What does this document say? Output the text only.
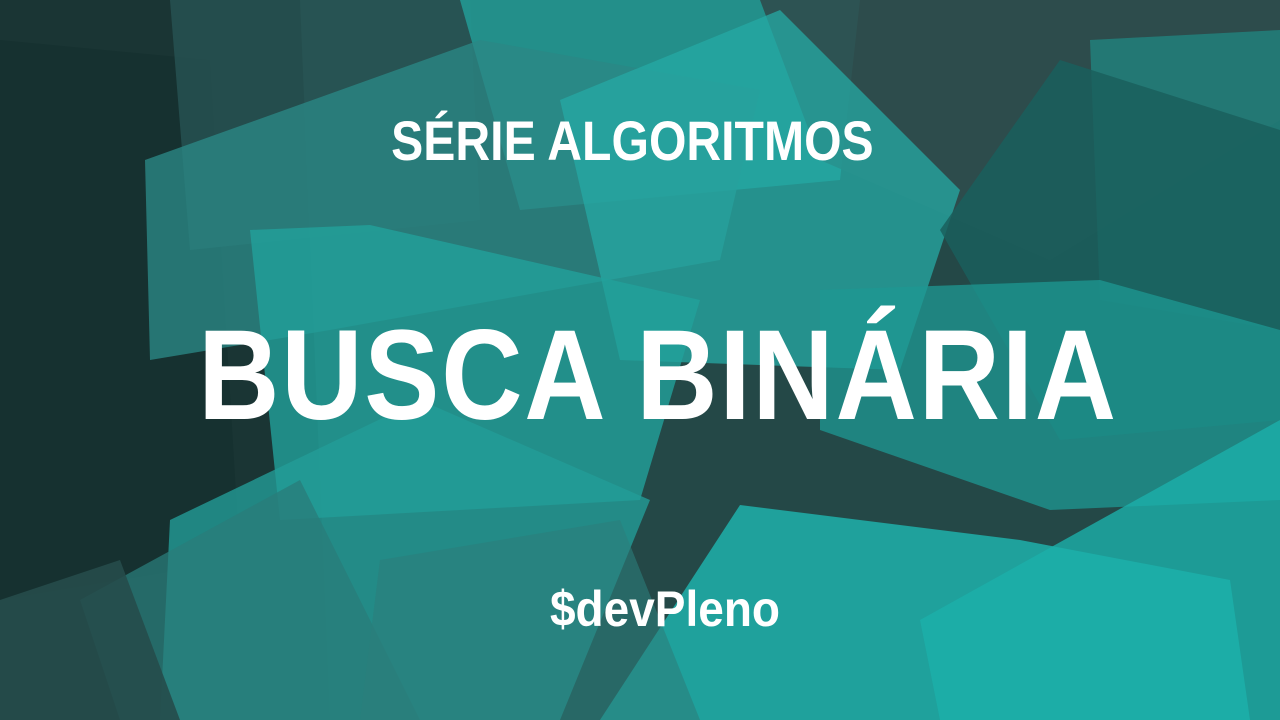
SÉRIE ALGORITMOS
BUSCA BINÁRIA
$devPleno
